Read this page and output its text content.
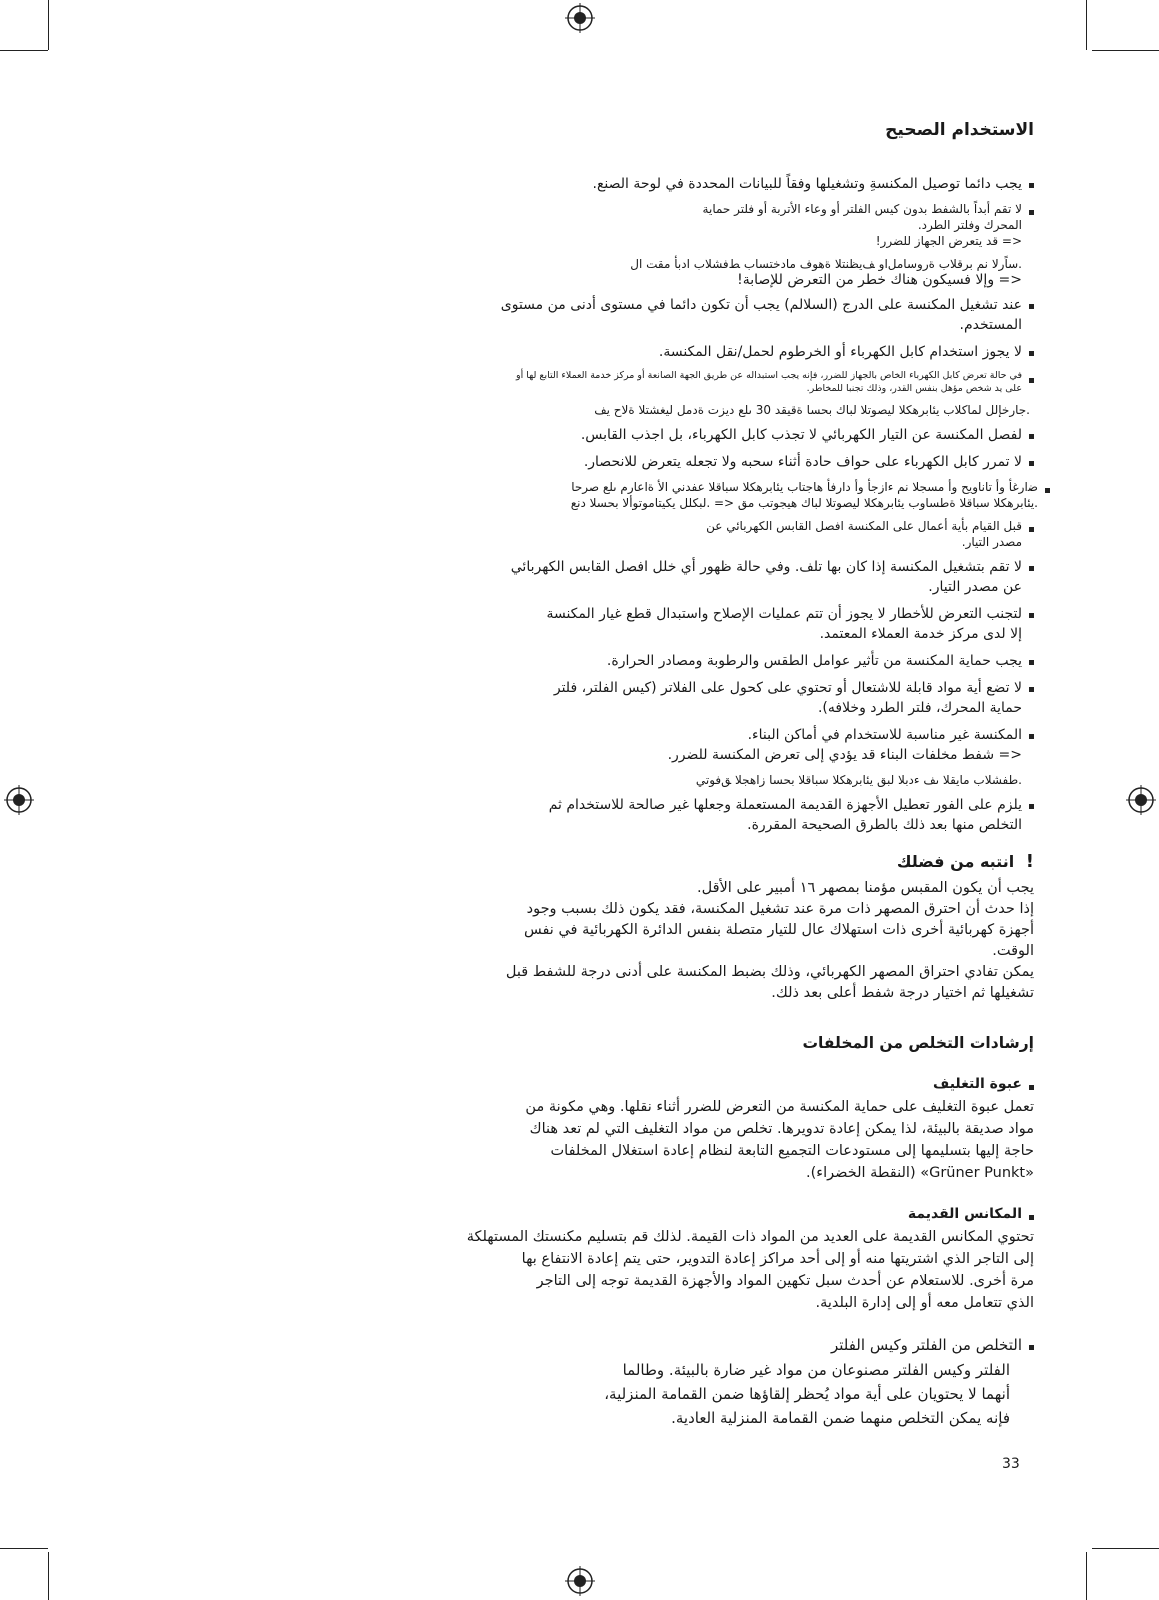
الاستخدام الصحيح
يجب دائما توصيل المكنسةِ وتشغيلها وفقاً للبيانات المحددة في لوحة الصنع.
لا تقم أبداً بالشفط بدون كيس الفلتر أو وعاء الأتربة أو فلتر حماية
المحرك وفلتر الطرد.
<= قد يتعرض الجهاز للضرر!
.ساًرلا نم برقلاب ةروسامل‌او ﻒيظنتلا ةهوف مادختساب ﻂفشلاب ادبأ مقت ال
<= وإلا فسيكون هناك خطر من التعرض للإصابة!
عند تشغيل المكنسة على الدرج (السلالم) يجب أن تكون دائما في مستوى أدنى من مستوى
المستخدم.
لا يجوز استخدام كابل الكهرباء أو الخرطوم لحمل/نقل المكنسة.
في حالة تعرض كابل الكهرباء الخاص بالجهاز للضرر، فإنه يجب استبداله عن طريق الجهة الصانعة أو مركز خدمة العملاء التابع لها أو
على يد شخص مؤهل بنفس القدر، وذلك تجنبا للمخاطر.
.جارخإلل لماكلاب يئابرهكلا ليصوتلا لباك بحسا ةقيقد 30 ىلع ديزت ةدمل ليغشتلا ةلاح يف
لفصل المكنسة عن التيار الكهربائي لا تجذب كابل الكهرباء، بل اجذب القابس.
لا تمرر كابل الكهرباء على حواف حادة أثناء سحبه ولا تجعله يتعرض للانحصار.
ﺿارغأ وأ تاناويح وأ مسجلا نم ءازجأ وأ دارفأ هاجتاب يئابرهكلا سباقلا عفدني الأ ةاعارم ىلع صرحا
.يئابرهكلا سباقلا ةطساوب يئابرهكلا ليصوتلا لباك هيجوتب مق <= .لبكلل يكيتاموتوألا بحسلا دنع
قبل القيام بأية أعمال على المكنسة افصل القابس الكهربائي عن
مصدر التيار.
لا تقم بتشغيل المكنسة إذا كان بها تلف. وفي حالة ظهور أي خلل افصل القابس الكهربائي
عن مصدر التيار.
لتجنب التعرض للأخطار لا يجوز أن تتم عمليات الإصلاح واستبدال قطع غيار المكنسة
إلا لدى مركز خدمة العملاء المعتمد.
يجب حماية المكنسة من تأثير عوامل الطقس والرطوبة ومصادر الحرارة.
لا تضع أية مواد قابلة للاشتعال أو تحتوي على كحول على الفلاتر (كيس الفلتر، فلتر
حماية المحرك، فلتر الطرد وخلافه).
المكنسة غير مناسبة للاستخدام في أماكن البناء.
<= شفط مخلفات البناء قد يؤدي إلى تعرض المكنسة للضرر.
.طفشلاب مايقلا ىف ءدبلا لبق يئابرهكلا سباقلا بحسا زاهجلا ﻖفوتي
يلزم على الفور تعطيل الأجهزة القديمة المستعملة وجعلها غير صالحة للاستخدام ثم
التخلص منها بعد ذلك بالطرق الصحيحة المقررة.
! انتبه من فضلك
يجب أن يكون المقبس مؤمنا بمصهر ١٦ أمبير على الأقل.
إذا حدث أن احترق المصهر ذات مرة عند تشغيل المكنسة، فقد يكون ذلك بسبب وجود
أجهزة كهربائية أخرى ذات استهلاك عال للتيار متصلة بنفس الدائرة الكهربائية في نفس
الوقت.
يمكن تفادي احتراق المصهر الكهربائي، وذلك بضبط المكنسة على أدنى درجة للشفط قبل
تشغيلها ثم اختيار درجة شفط أعلى بعد ذلك.
إرشادات التخلص من المخلفات
عبوة التغليف
تعمل عبوة التغليف على حماية المكنسة من التعرض للضرر أثناء نقلها. وهي مكونة من
مواد صديقة بالبيئة، لذا يمكن إعادة تدويرها. تخلص من مواد التغليف التي لم تعد هناك
حاجة إليها بتسليمها إلى مستودعات التجميع التابعة لنظام إعادة استغلال المخلفات
«Grüner Punkt» (النقطة الخضراء).
المكانس القديمة
تحتوي المكانس القديمة على العديد من المواد ذات القيمة. لذلك قم بتسليم مكنستك المستهلكة
إلى التاجر الذي اشتريتها منه أو إلى أحد مراكز إعادة التدوير، حتى يتم إعادة الانتفاع بها
مرة أخرى. للاستعلام عن أحدث سبل تكهين المواد والأجهزة القديمة توجه إلى التاجر
الذي تتعامل معه أو إلى إدارة البلدية.
التخلص من الفلتر وكيس الفلتر
الفلتر وكيس الفلتر مصنوعان من مواد غير ضارة بالبيئة. وطالما
أنهما لا يحتويان على أية مواد يُحظر إلقاؤها ضمن القمامة المنزلية،
فإنه يمكن التخلص منهما ضمن القمامة المنزلية العادية.
33
